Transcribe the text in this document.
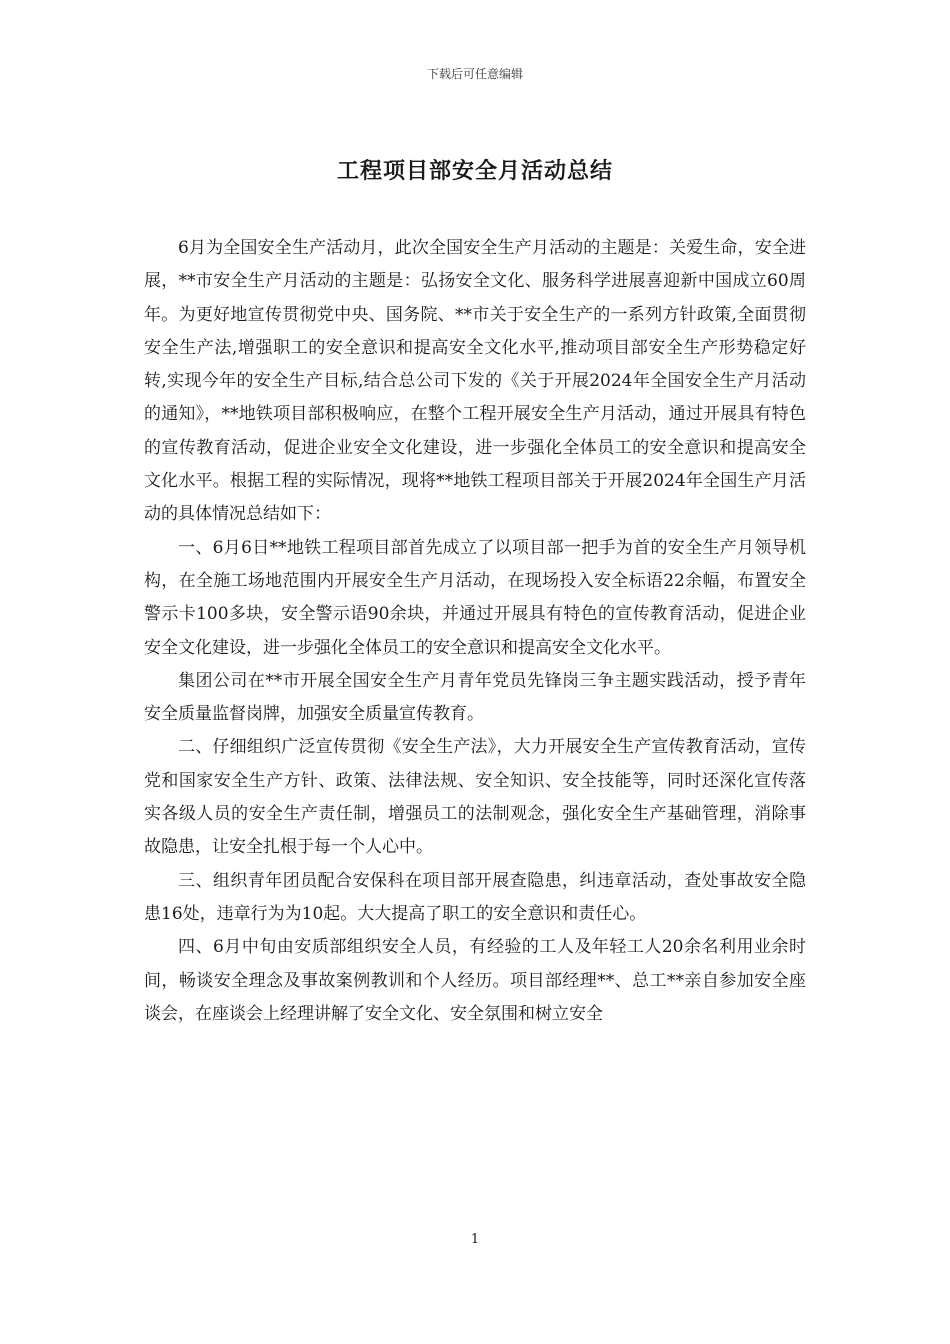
下载后可任意编辑
工程项目部安全月活动总结

6月为全国安全生产活动月，此次全国安全生产月活动的主题是：关爱生命，安全进展，**市安全生产月活动的主题是：弘扬安全文化、服务科学进展喜迎新中国成立60周年。为更好地宣传贯彻党中央、国务院、**市关于安全生产的一系列方针政策,全面贯彻安全生产法,增强职工的安全意识和提高安全文化水平,推动项目部安全生产形势稳定好转,实现今年的安全生产目标,结合总公司下发的《关于开展2024年全国安全生产月活动的通知》，**地铁项目部积极响应，在整个工程开展安全生产月活动，通过开展具有特色的宣传教育活动，促进企业安全文化建设，进一步强化全体员工的安全意识和提高安全文化水平。根据工程的实际情况，现将**地铁工程项目部关于开展2024年全国生产月活动的具体情况总结如下：

一、6月6日**地铁工程项目部首先成立了以项目部一把手为首的安全生产月领导机构，在全施工场地范围内开展安全生产月活动，在现场投入安全标语22余幅，布置安全警示卡100多块，安全警示语90余块，并通过开展具有特色的宣传教育活动，促进企业安全文化建设，进一步强化全体员工的安全意识和提高安全文化水平。

集团公司在**市开展全国安全生产月青年党员先锋岗三争主题实践活动，授予青年安全质量监督岗牌，加强安全质量宣传教育。

二、仔细组织广泛宣传贯彻《安全生产法》，大力开展安全生产宣传教育活动，宣传党和国家安全生产方针、政策、法律法规、安全知识、安全技能等，同时还深化宣传落实各级人员的安全生产责任制，增强员工的法制观念，强化安全生产基础管理，消除事故隐患，让安全扎根于每一个人心中。

三、组织青年团员配合安保科在项目部开展查隐患，纠违章活动，查处事故安全隐患16处，违章行为为10起。大大提高了职工的安全意识和责任心。

四、6月中旬由安质部组织安全人员，有经验的工人及年轻工人20余名利用业余时间，畅谈安全理念及事故案例教训和个人经历。项目部经理**、总工**亲自参加安全座谈会，在座谈会上经理讲解了安全文化、安全氛围和树立安全

1
